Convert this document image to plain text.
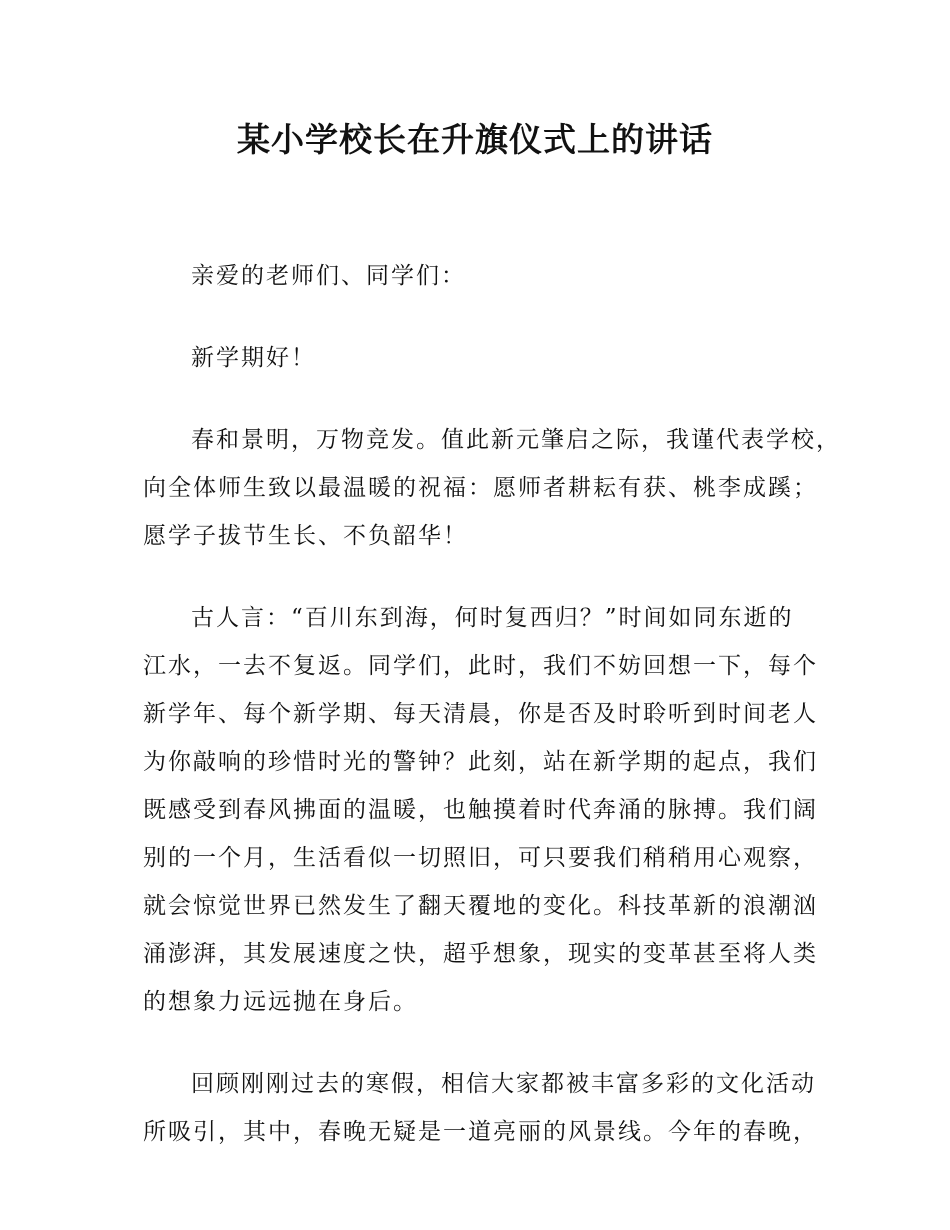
某小学校长在升旗仪式上的讲话

亲爱的老师们、同学们：

新学期好！

春和景明，万物竞发。值此新元肇启之际，我谨代表学校，
向全体师生致以最温暖的祝福：愿师者耕耘有获、桃李成蹊；
愿学子拔节生长、不负韶华！

古人言：“百川东到海，何时复西归？”时间如同东逝的
江水，一去不复返。同学们，此时，我们不妨回想一下，每个
新学年、每个新学期、每天清晨，你是否及时聆听到时间老人
为你敲响的珍惜时光的警钟？此刻，站在新学期的起点，我们
既感受到春风拂面的温暖，也触摸着时代奔涌的脉搏。我们阔
别的一个月，生活看似一切照旧，可只要我们稍稍用心观察，
就会惊觉世界已然发生了翻天覆地的变化。科技革新的浪潮汹
涌澎湃，其发展速度之快，超乎想象，现实的变革甚至将人类
的想象力远远抛在身后。

回顾刚刚过去的寒假，相信大家都被丰富多彩的文化活动
所吸引，其中，春晚无疑是一道亮丽的风景线。今年的春晚，
